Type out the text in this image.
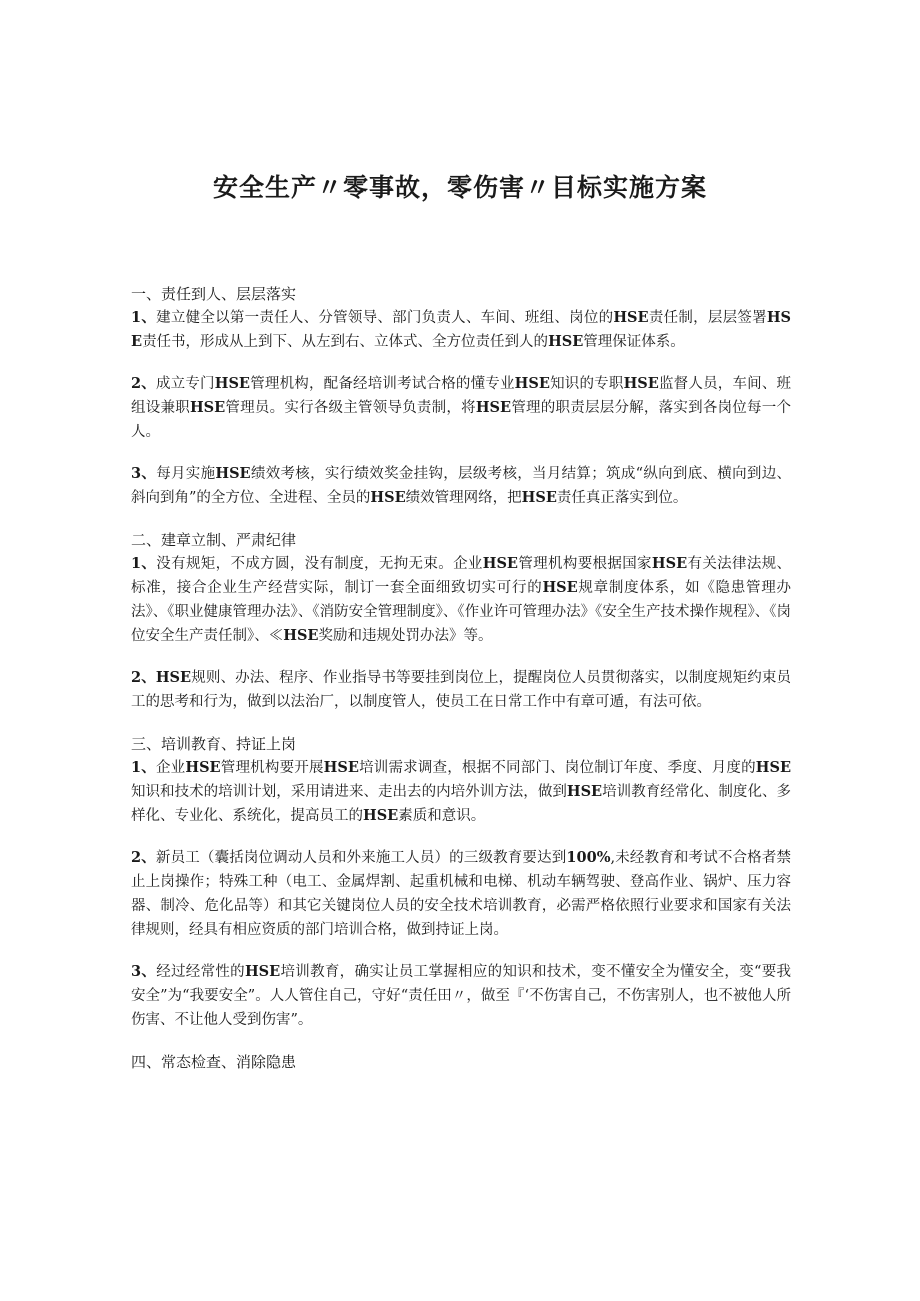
安全生产〃零事故，零伤害〃目标实施方案

一、责任到人、层层落实

1、建立健全以第一责任人、分管领导、部门负责人、车间、班组、岗位的HSE责任制，层层签署HSE责任书，形成从上到下、从左到右、立体式、全方位责任到人的HSE管理保证体系。

2、成立专门HSE管理机构，配备经培训考试合格的懂专业HSE知识的专职HSE监督人员，车间、班组设兼职HSE管理员。实行各级主管领导负责制，将HSE管理的职责层层分解，落实到各岗位每一个人。

3、每月实施HSE绩效考核，实行绩效奖金挂钩，层级考核，当月结算；筑成“纵向到底、横向到边、斜向到角”的全方位、全进程、全员的HSE绩效管理网络，把HSE责任真正落实到位。

二、建章立制、严肃纪律

1、没有规矩，不成方圆，没有制度，无拘无束。企业HSE管理机构要根据国家HSE有关法律法规、标准，接合企业生产经营实际，制订一套全面细致切实可行的HSE规章制度体系，如《隐患管理办法》、《职业健康管理办法》、《消防安全管理制度》、《作业许可管理办法》《安全生产技术操作规程》、《岗位安全生产责任制》、≪HSE奖励和违规处罚办法》等。

2、HSE规则、办法、程序、作业指导书等要挂到岗位上，提醒岗位人员贯彻落实，以制度规矩约束员工的思考和行为，做到以法治厂，以制度管人，使员工在日常工作中有章可遁，有法可依。

三、培训教育、持证上岗

1、企业HSE管理机构要开展HSE培训需求调查，根据不同部门、岗位制订年度、季度、月度的HSE知识和技术的培训计划，采用请进来、走出去的内培外训方法，做到HSE培训教育经常化、制度化、多样化、专业化、系统化，提高员工的HSE素质和意识。

2、新员工（囊括岗位调动人员和外来施工人员）的三级教育要达到100%,未经教育和考试不合格者禁止上岗操作；特殊工种（电工、金属焊割、起重机械和电梯、机动车辆驾驶、登高作业、锅炉、压力容器、制冷、危化品等）和其它关键岗位人员的安全技术培训教育，必需严格依照行业要求和国家有关法律规则，经具有相应资质的部门培训合格，做到持证上岗。

3、经过经常性的HSE培训教育，确实让员工掌握相应的知识和技术，变不懂安全为懂安全，变“要我安全”为“我要安全”。人人管住自己，守好“责任田〃，做至『‘不伤害自己，不伤害别人，也不被他人所伤害、不让他人受到伤害”。

四、常态检查、消除隐患
